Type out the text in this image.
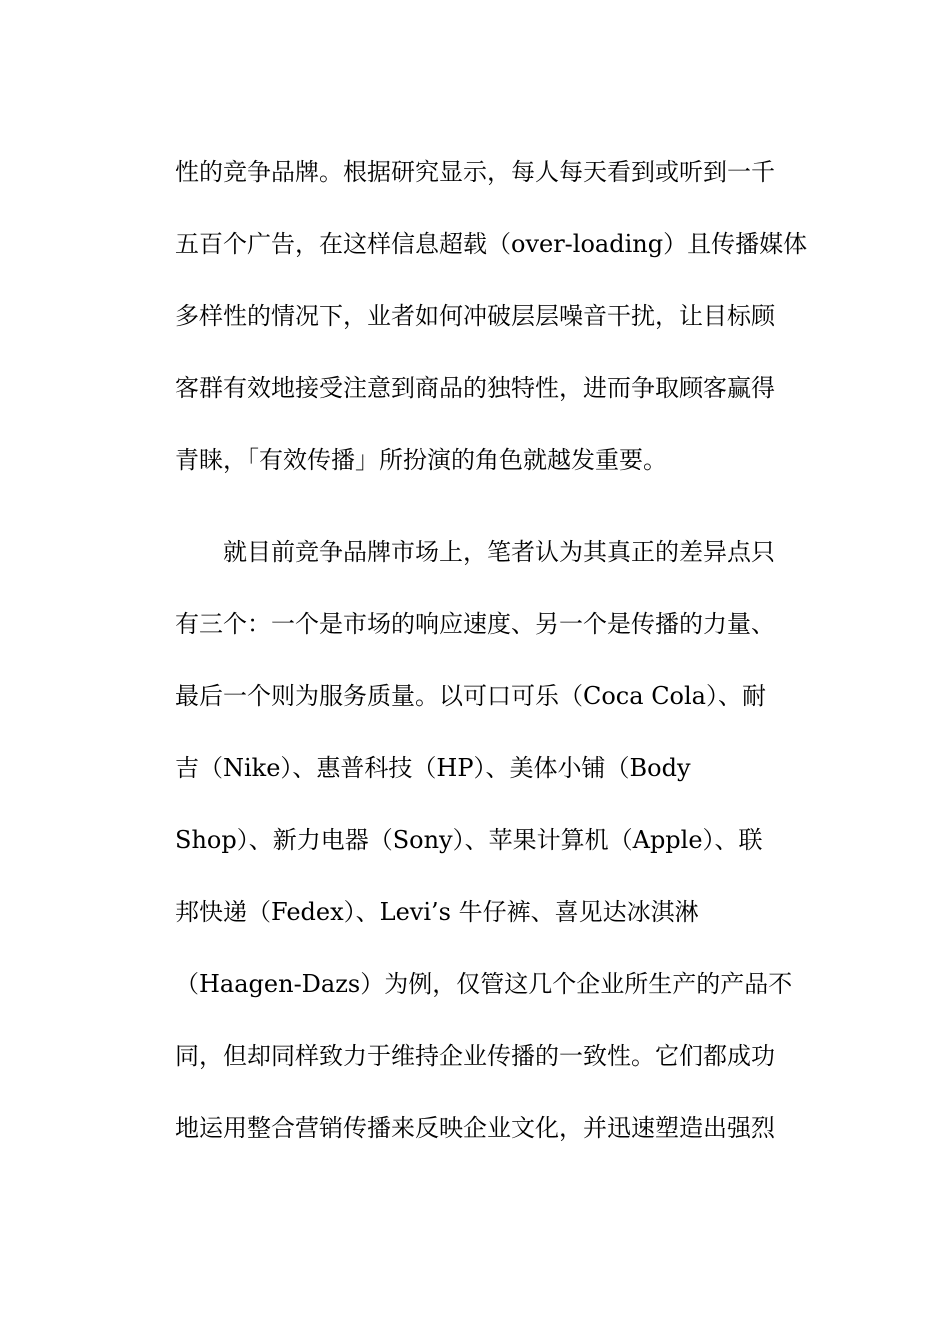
性的竞争品牌。根据研究显示，每人每天看到或听到一千
五百个广告，在这样信息超载（over-loading）且传播媒体
多样性的情况下，业者如何冲破层层噪音干扰，让目标顾
客群有效地接受注意到商品的独特性，进而争取顾客赢得
青睐，「有效传播」所扮演的角色就越发重要。
　　就目前竞争品牌市场上，笔者认为其真正的差异点只
有三个：一个是市场的响应速度、另一个是传播的力量、
最后一个则为服务质量。以可口可乐（Coca Cola）、耐
吉（Nike）、惠普科技（HP）、美体小铺（Body
Shop）、新力电器（Sony）、苹果计算机（Apple）、联
邦快递（Fedex）、Levi’s 牛仔裤、喜见达冰淇淋
（Haagen-Dazs）为例，仅管这几个企业所生产的产品不
同，但却同样致力于维持企业传播的一致性。它们都成功
地运用整合营销传播来反映企业文化，并迅速塑造出强烈
